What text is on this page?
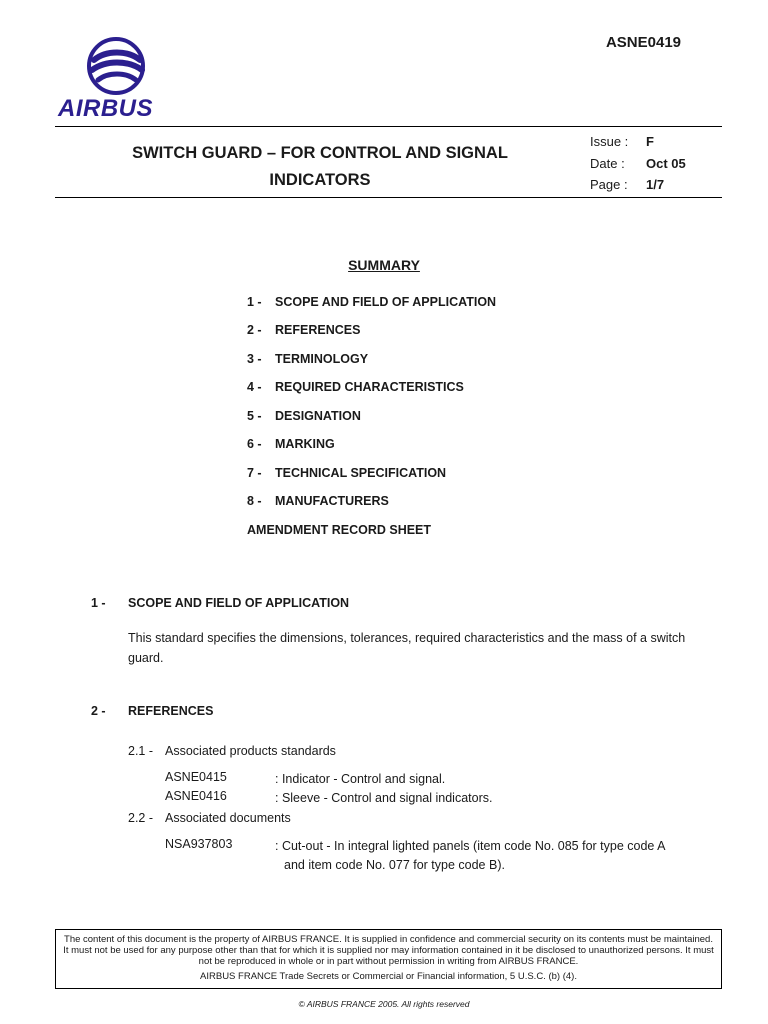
ASNE0419
AIRBUS
SWITCH GUARD – FOR CONTROL AND SIGNAL
INDICATORS
Issue : F
Date : Oct 05
Page : 1/7
SUMMARY
1 - SCOPE AND FIELD OF APPLICATION
2 - REFERENCES
3 - TERMINOLOGY
4 - REQUIRED CHARACTERISTICS
5 - DESIGNATION
6 - MARKING
7 - TECHNICAL SPECIFICATION
8 - MANUFACTURERS
AMENDMENT RECORD SHEET
1 - SCOPE AND FIELD OF APPLICATION
This standard specifies the dimensions, tolerances, required characteristics and the mass of a switch guard.
2 - REFERENCES
2.1 - Associated products standards
ASNE0415	: Indicator - Control and signal.
ASNE0416	: Sleeve - Control and signal indicators.
2.2 - Associated documents
NSA937803	: Cut-out - In integral lighted panels (item code No. 085 for type code A
and item code No. 077 for type code B).
The content of this document is the property of AIRBUS FRANCE. It is supplied in confidence and commercial security on its contents must be maintained. It must not be used for any purpose other than that for which it is supplied nor may information contained in it be disclosed to unauthorized persons. It must not be reproduced in whole or in part without permission in writing from AIRBUS FRANCE.
AIRBUS FRANCE Trade Secrets or Commercial or Financial information, 5 U.S.C. (b) (4).
© AIRBUS FRANCE 2005. All rights reserved
